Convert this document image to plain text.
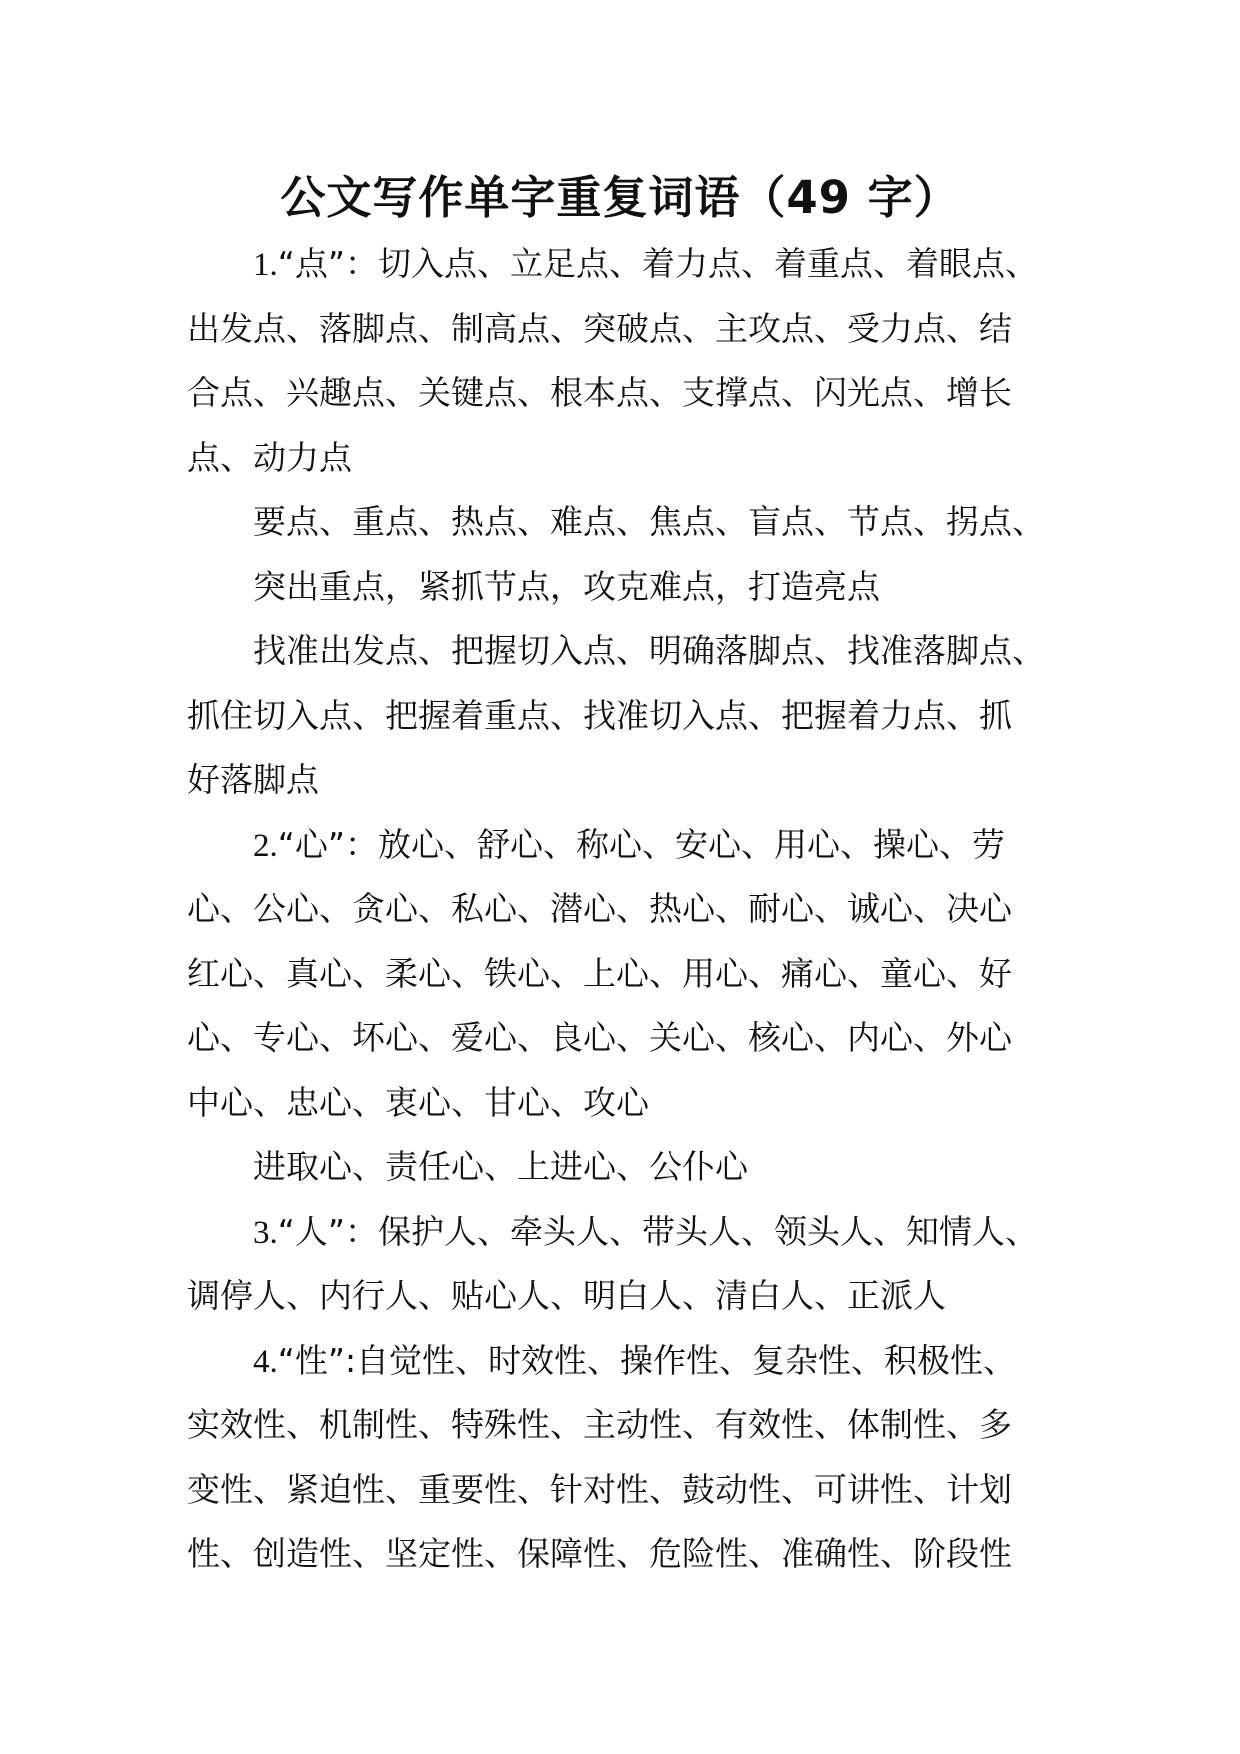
公文写作单字重复词语（49 字）
1.“点”：切入点、立足点、着力点、着重点、着眼点、
出发点、落脚点、制高点、突破点、主攻点、受力点、结
合点、兴趣点、关键点、根本点、支撑点、闪光点、增长
点、动力点
要点、重点、热点、难点、焦点、盲点、节点、拐点、
突出重点，紧抓节点，攻克难点，打造亮点
找准出发点、把握切入点、明确落脚点、找准落脚点、
抓住切入点、把握着重点、找准切入点、把握着力点、抓
好落脚点
2.“心”：放心、舒心、称心、安心、用心、操心、劳
心、公心、贪心、私心、潜心、热心、耐心、诚心、决心
红心、真心、柔心、铁心、上心、用心、痛心、童心、好
心、专心、坏心、爱心、良心、关心、核心、内心、外心
中心、忠心、衷心、甘心、攻心
进取心、责任心、上进心、公仆心
3.“人”：保护人、牵头人、带头人、领头人、知情人、
调停人、内行人、贴心人、明白人、清白人、正派人
4.“性”:自觉性、时效性、操作性、复杂性、积极性、
实效性、机制性、特殊性、主动性、有效性、体制性、多
变性、紧迫性、重要性、针对性、鼓动性、可讲性、计划
性、创造性、坚定性、保障性、危险性、准确性、阶段性
